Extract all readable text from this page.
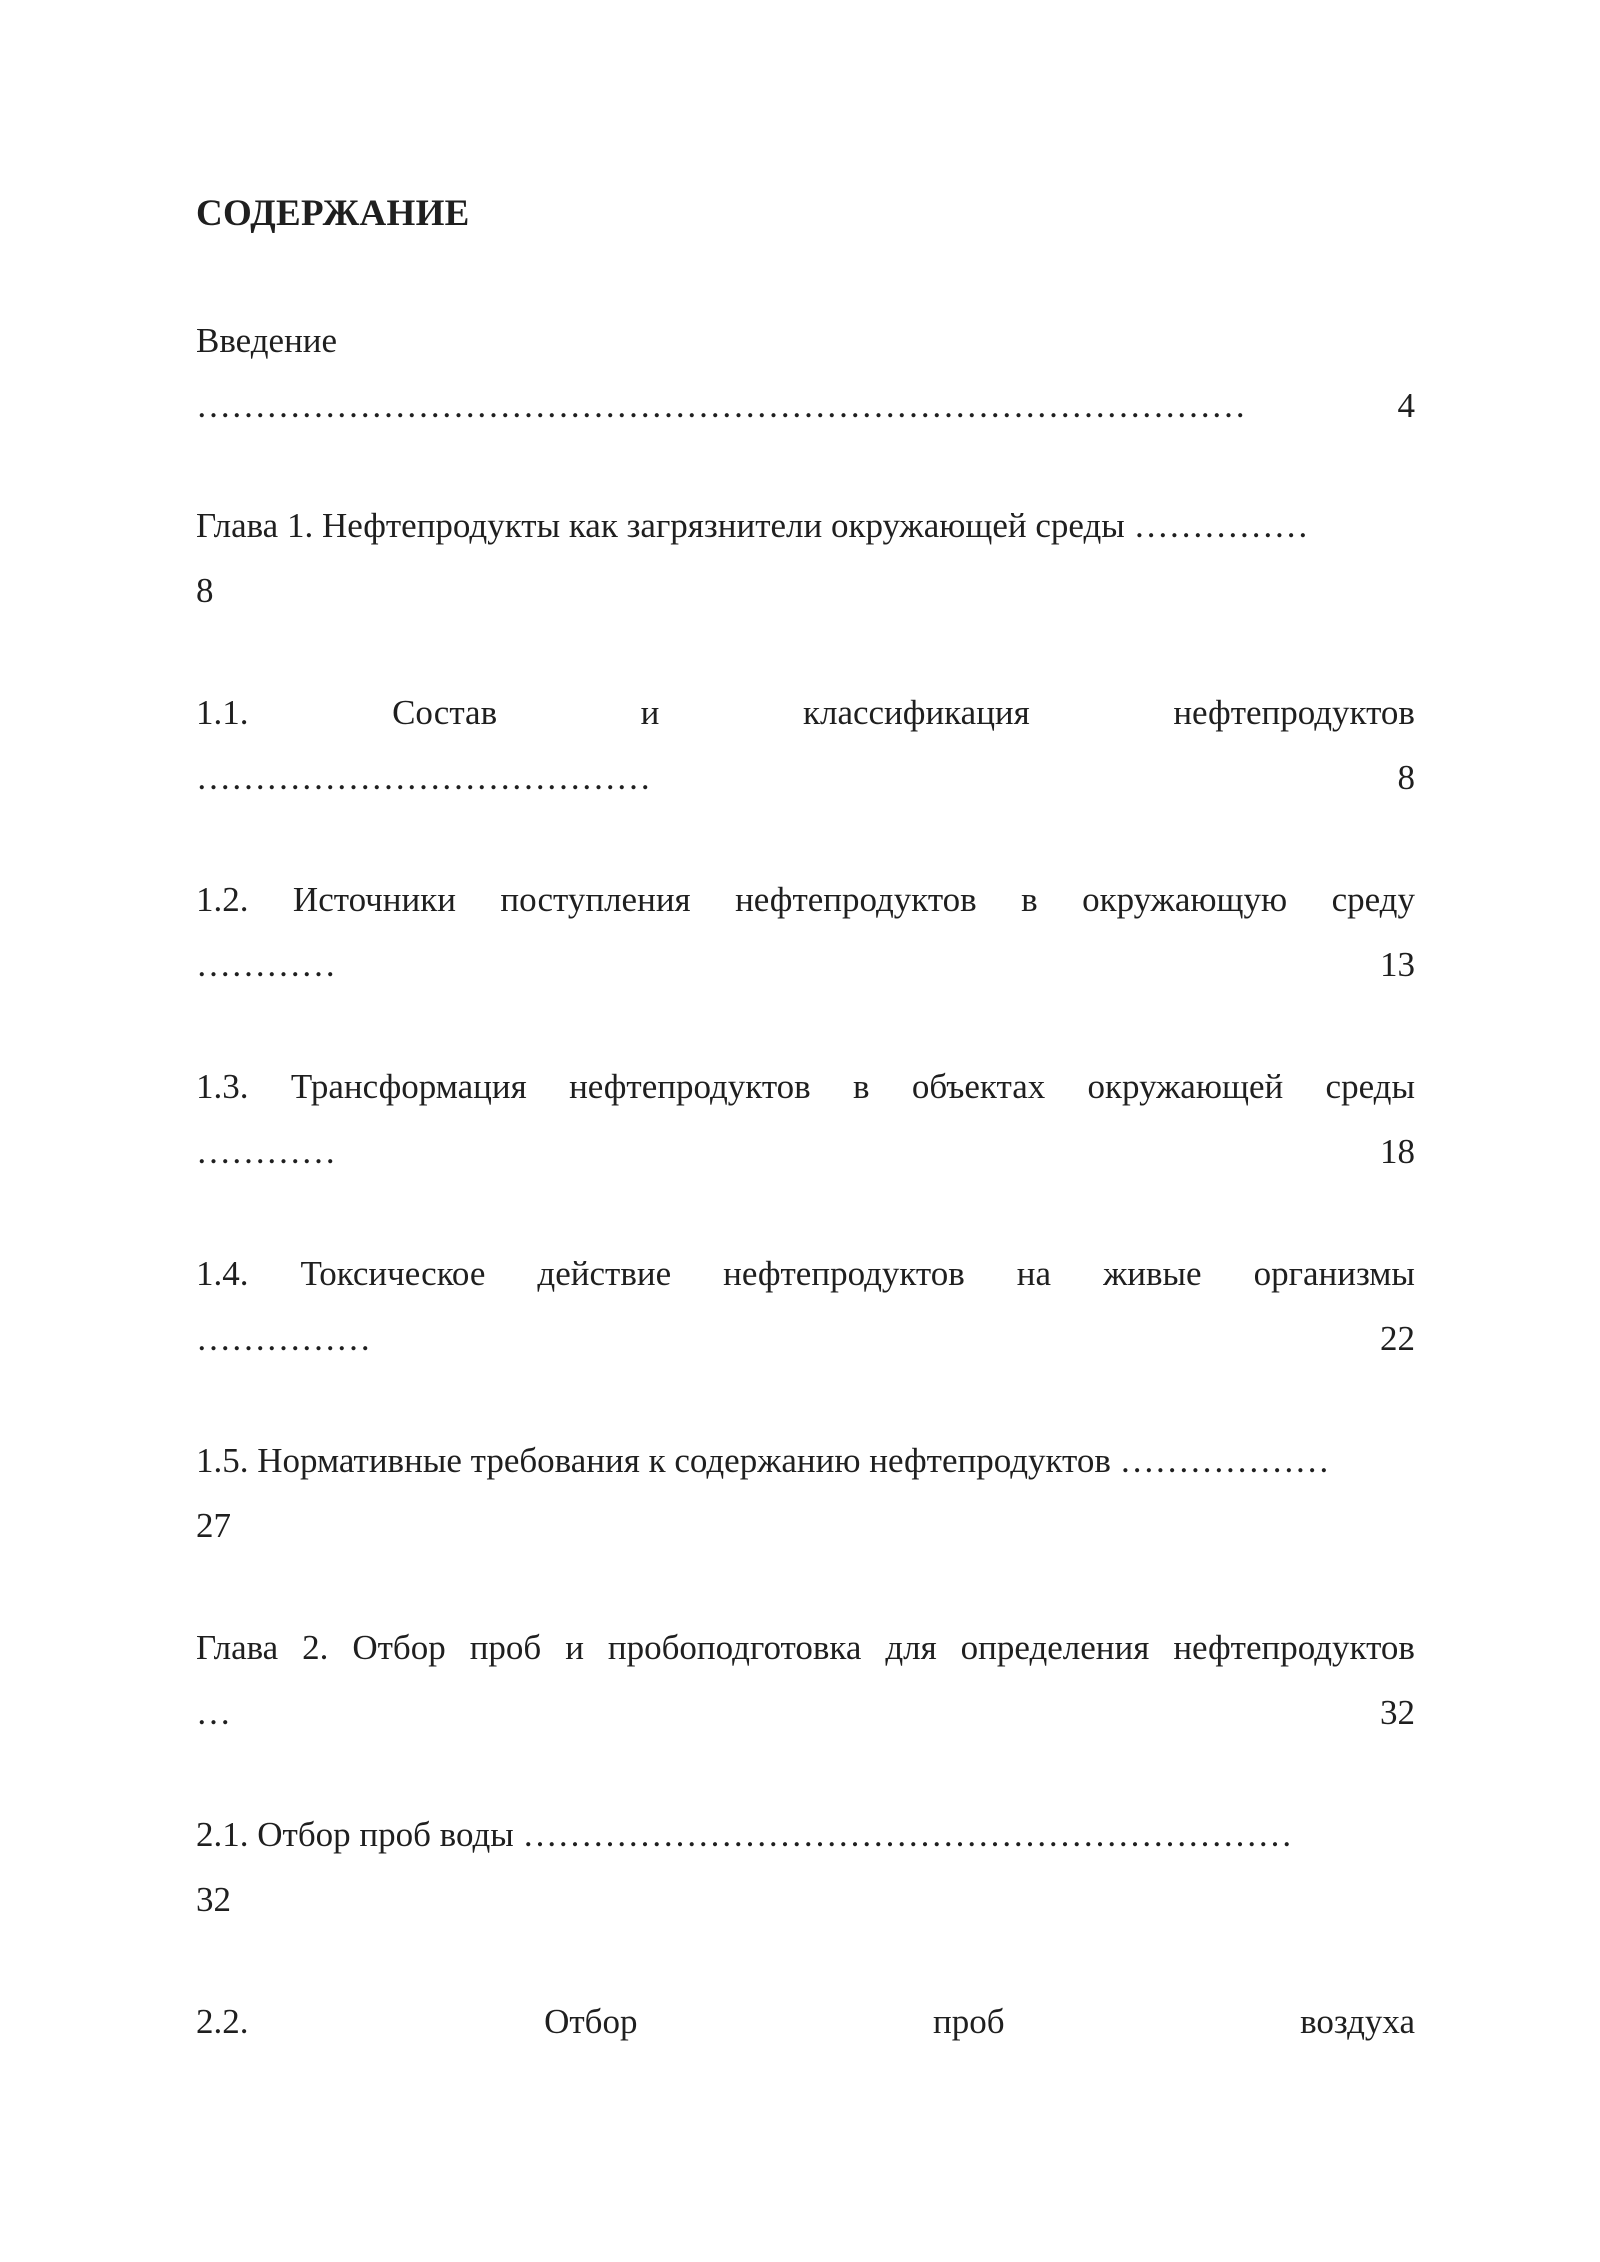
СОДЕРЖАНИЕ
Введение
………………………………………………………………………………	4
Глава 1. Нефтепродукты как загрязнители окружающей среды ……………
8
1.1.	Состав	и	классификация	нефтепродуктов
…………………………………	8
1.2. Источники поступления нефтепродуктов в окружающую среду
…………	13
1.3. Трансформация нефтепродуктов в объектах окружающей среды
…………	18
1.4. Токсическое действие нефтепродуктов на живые организмы
……………	22
1.5. Нормативные требования к содержанию нефтепродуктов ………………
27
Глава 2. Отбор проб и пробоподготовка для определения нефтепродуктов
…	32
2.1. Отбор проб воды …………………………………………………………
32
2.2.	Отбор	проб	воздуха
